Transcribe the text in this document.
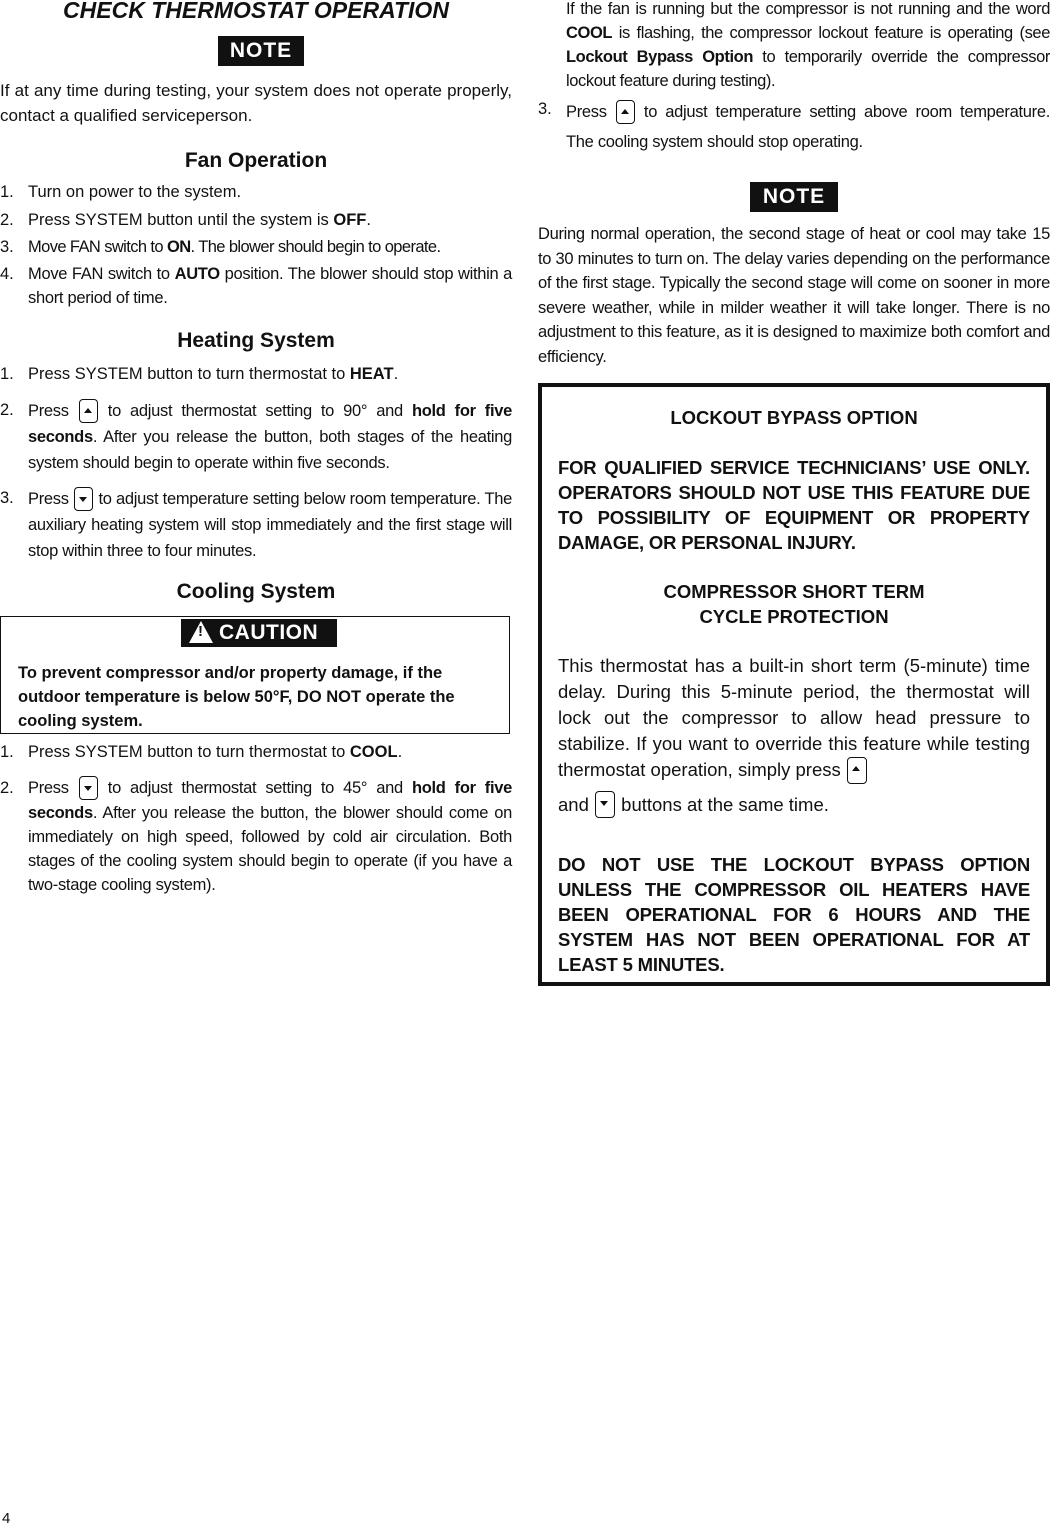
CHECK THERMOSTAT OPERATION
NOTE

If at any time during testing, your system does not operate properly, contact a qualified serviceperson.

Fan Operation
1. Turn on power to the system.

2. Press SYSTEM button until the system is OFF.

3. Move FAN switch to ON. The blower should begin to operate.

4. Move FAN switch to AUTO position. The blower should stop within a short period of time.

Heating System
1. Press SYSTEM button to turn thermostat to HEAT.

2. Press  to adjust thermostat setting to 90° and hold for five seconds. After you release the button, both stages of the heating system should begin to operate within five seconds.

3. Press  to adjust temperature setting below room temperature. The auxiliary heating system will stop immediately and the first stage will stop within three to four minutes.

Cooling System
! CAUTION

To prevent compressor and/or property damage, if the outdoor temperature is below 50°F, DO NOT operate the cooling system.

1. Press SYSTEM button to turn thermostat to COOL.

2. Press  to adjust thermostat setting to 45° and hold for five seconds. After you release the button, the blower should come on immediately on high speed, followed by cold air circulation. Both stages of the cooling system should begin to operate (if you have a two-stage cooling system).

If the fan is running but the compressor is not running and the word COOL is flashing, the compressor lockout feature is operating (see Lockout Bypass Option to temporarily override the compressor lockout feature during testing).

3. Press  to adjust temperature setting above room temperature. The cooling system should stop operating.

NOTE

During normal operation, the second stage of heat or cool may take 15 to 30 minutes to turn on. The delay varies depending on the performance of the first stage. Typically the second stage will come on sooner in more severe weather, while in milder weather it will take longer. There is no adjustment to this feature, as it is designed to maximize both comfort and efficiency.

LOCKOUT BYPASS OPTION

FOR QUALIFIED SERVICE TECHNICIANS’ USE ONLY. OPERATORS SHOULD NOT USE THIS FEATURE DUE TO POSSIBILITY OF EQUIPMENT OR PROPERTY DAMAGE, OR PERSONAL INJURY.

COMPRESSOR SHORT TERM

CYCLE PROTECTION

This thermostat has a built-in short term (5-minute) time delay. During this 5-minute period, the thermostat will lock out the compressor to allow head pressure to stabilize. If you want to override this feature while testing thermostat operation, simply press
and  buttons at the same time.

DO NOT USE THE LOCKOUT BYPASS OPTION UNLESS THE COMPRESSOR OIL HEATERS HAVE BEEN OPERATIONAL FOR 6 HOURS AND THE SYSTEM HAS NOT BEEN OPERATIONAL FOR AT LEAST 5 MINUTES.

4
